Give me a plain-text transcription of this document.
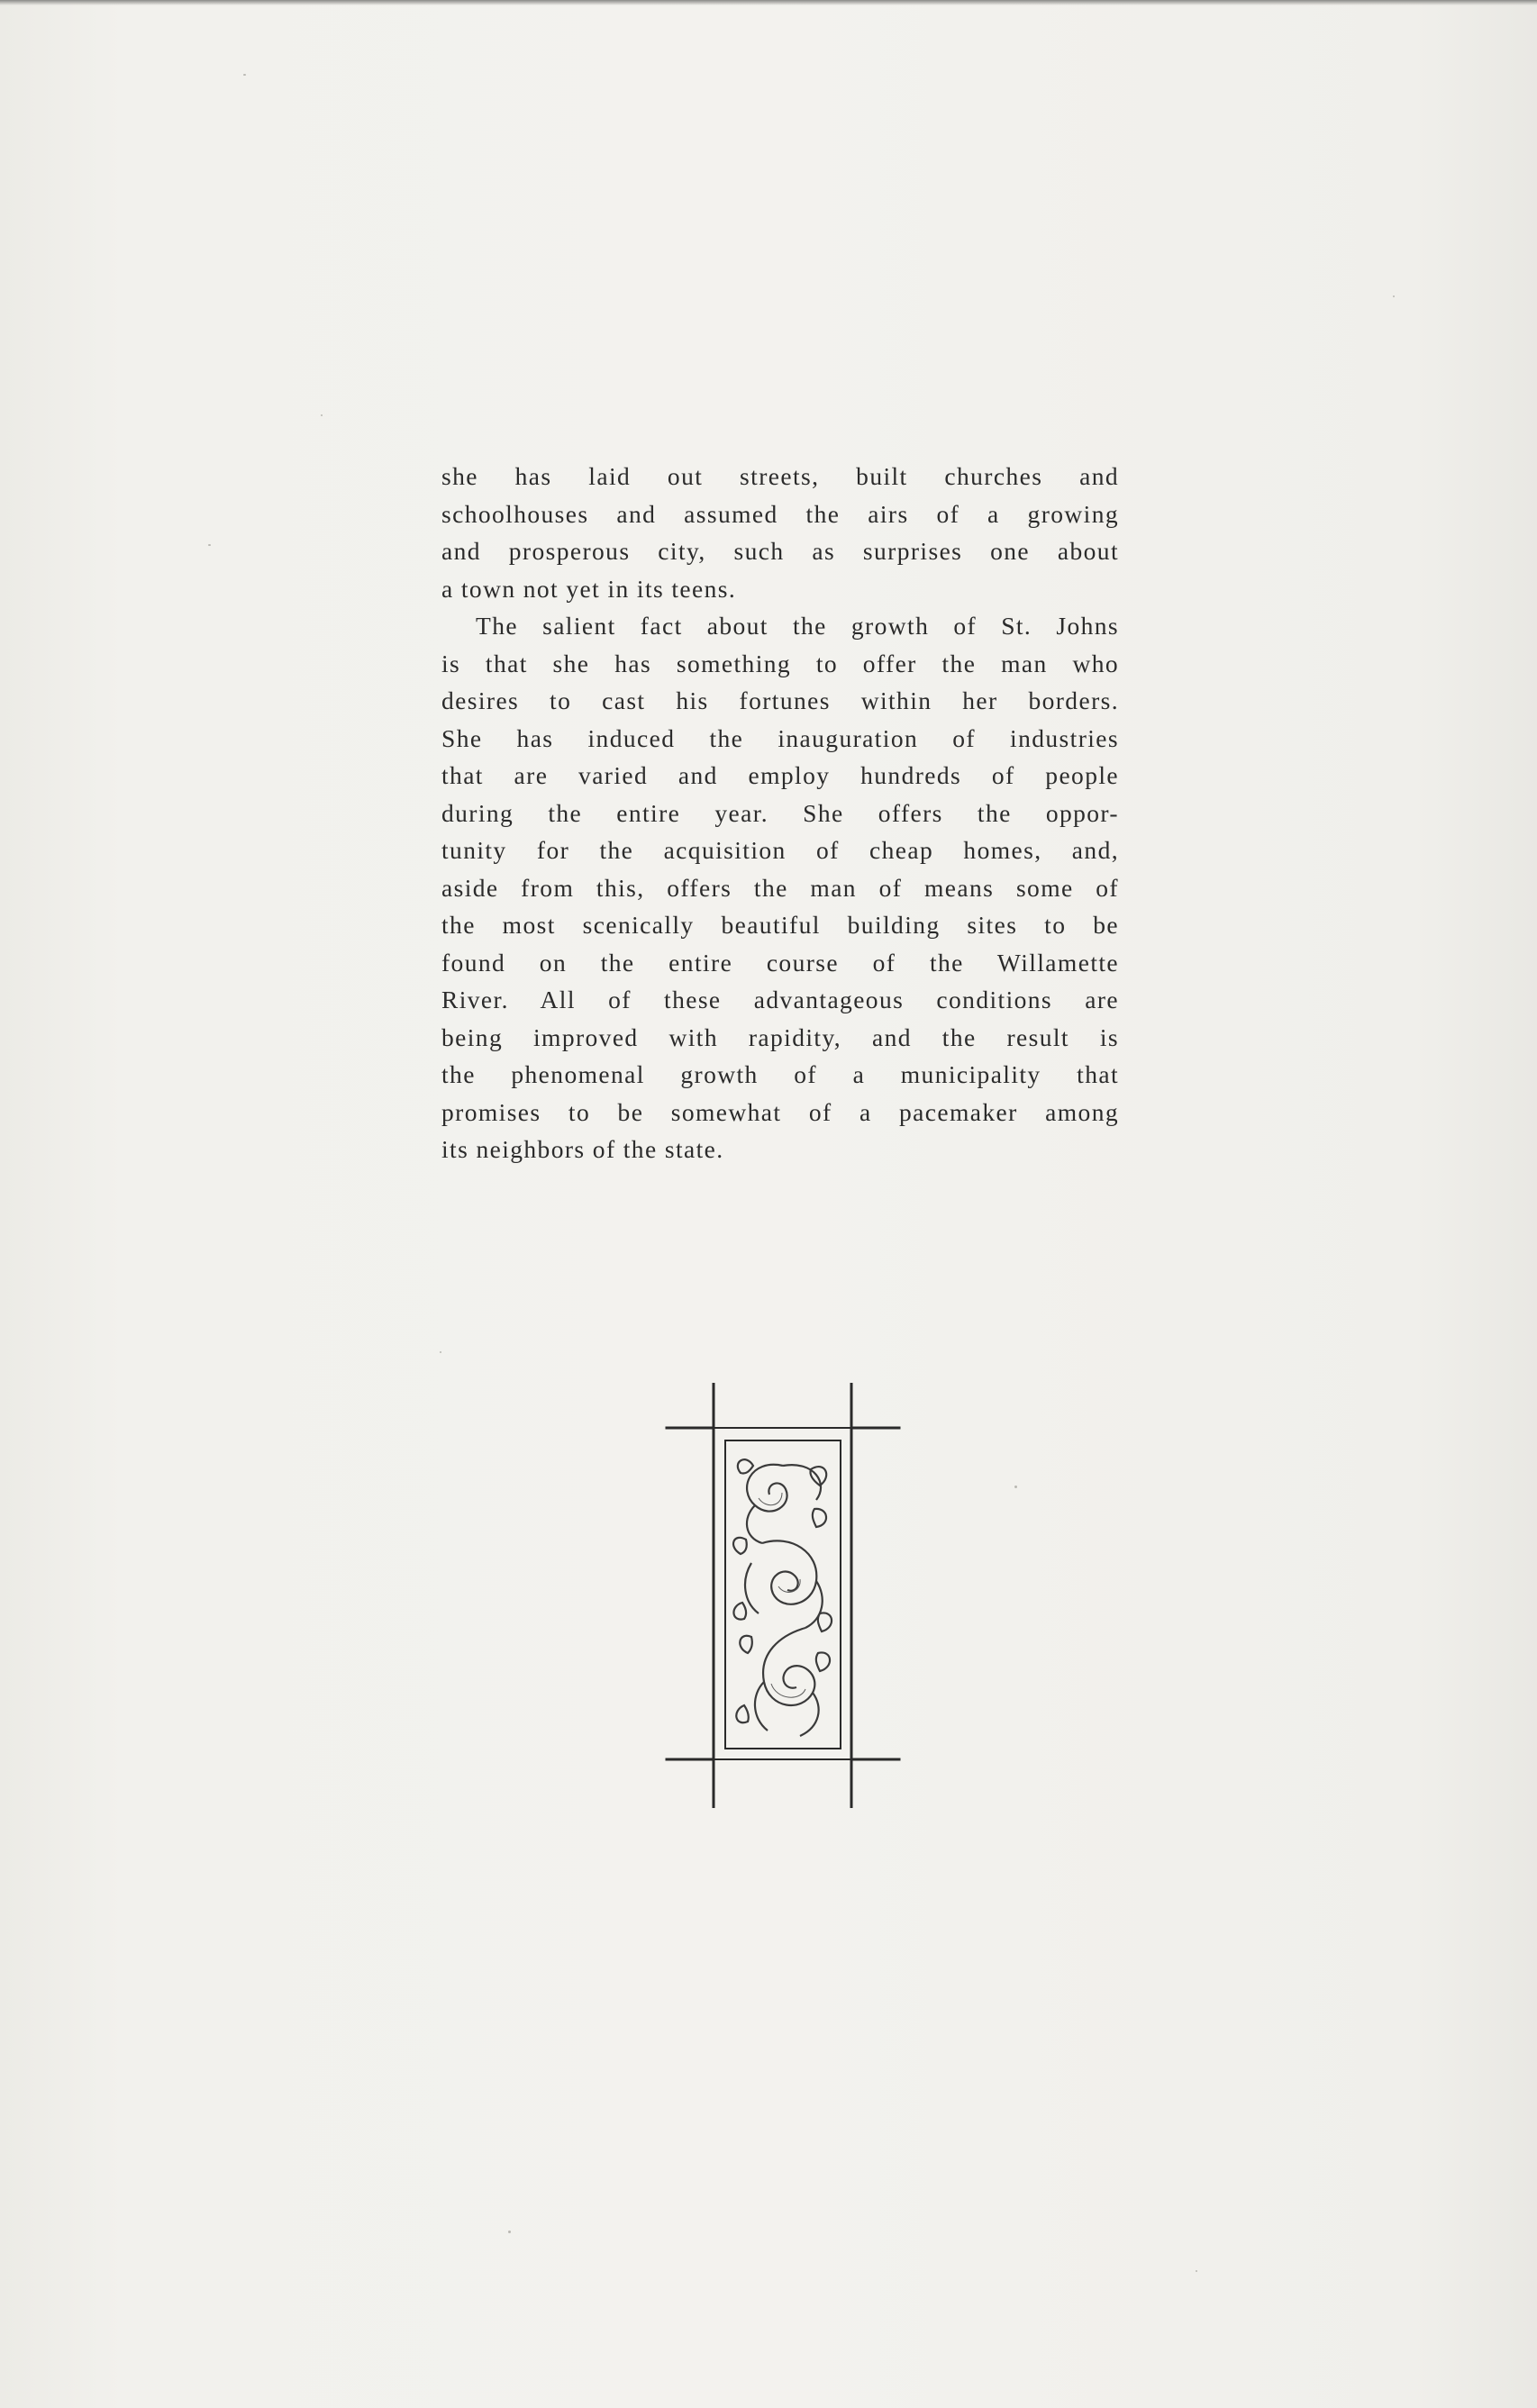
she has laid out streets, built churches and
schoolhouses and assumed the airs of a growing
and prosperous city, such as surprises one about
a town not yet in its teens.

The salient fact about the growth of St. Johns
is that she has something to offer the man who
desires to cast his fortunes within her borders.
She has induced the inauguration of industries
that are varied and employ hundreds of people
during the entire year. She offers the oppor-
tunity for the acquisition of cheap homes, and,
aside from this, offers the man of means some of
the most scenically beautiful building sites to be
found on the entire course of the Willamette
River. All of these advantageous conditions are
being improved with rapidity, and the result is
the phenomenal growth of a municipality that
promises to be somewhat of a pacemaker among
its neighbors of the state.
